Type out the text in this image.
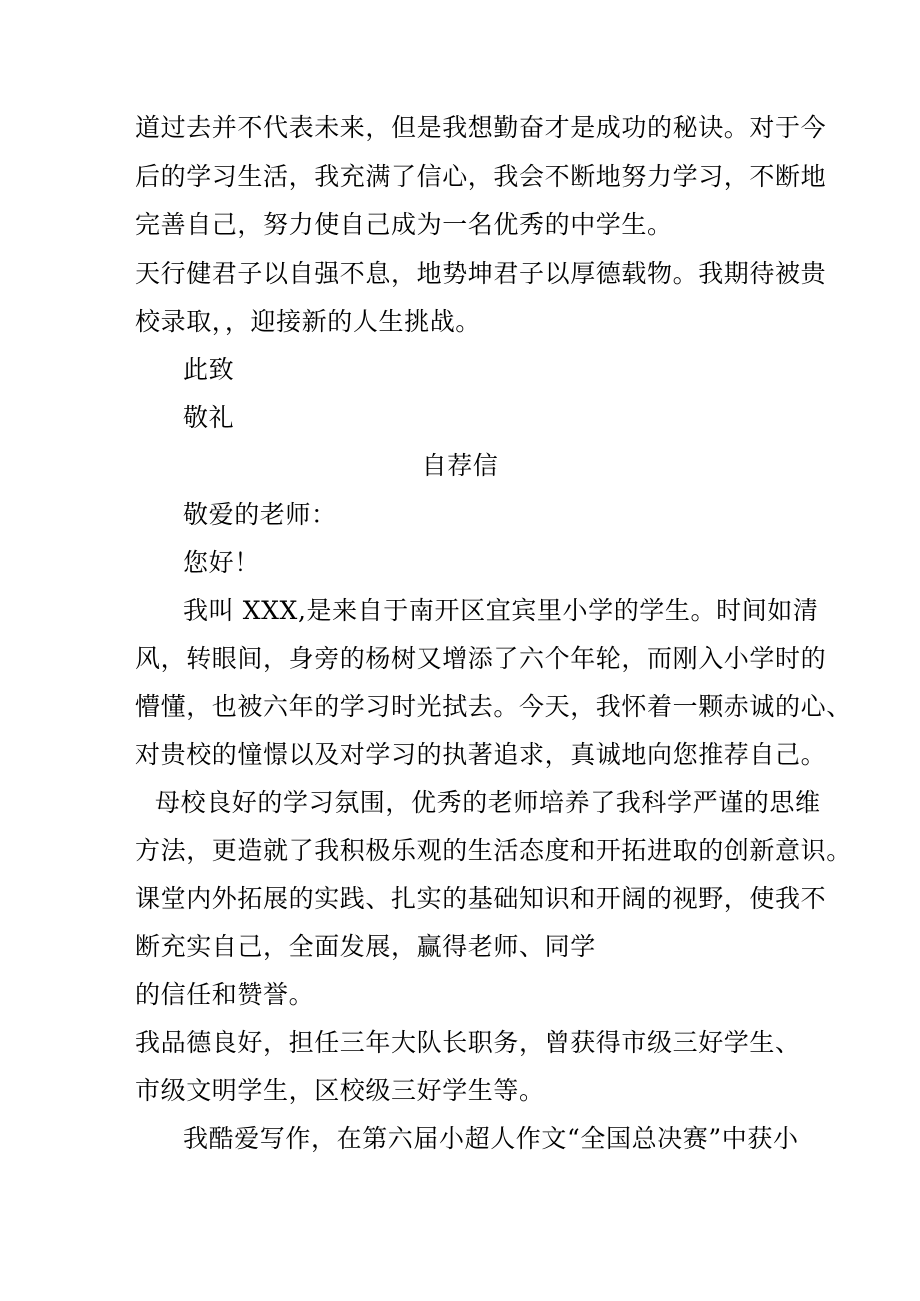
道过去并不代表未来，但是我想勤奋才是成功的秘诀。对于今
后的学习生活，我充满了信心，我会不断地努力学习，不断地
完善自己，努力使自己成为一名优秀的中学生。
天行健君子以自强不息，地势坤君子以厚德载物。我期待被贵
校录取，，迎接新的人生挑战。
此致
敬礼
自荐信
敬爱的老师：
您好！
我叫 XXX,是来自于南开区宜宾里小学的学生。时间如清
风，转眼间，身旁的杨树又增添了六个年轮，而刚入小学时的
懵懂，也被六年的学习时光拭去。今天，我怀着一颗赤诚的心、
对贵校的憧憬以及对学习的执著追求，真诚地向您推荐自己。
母校良好的学习氛围，优秀的老师培养了我科学严谨的思维
方法，更造就了我积极乐观的生活态度和开拓进取的创新意识。
课堂内外拓展的实践、扎实的基础知识和开阔的视野，使我不
断充实自己，全面发展，赢得老师、同学
的信任和赞誉。
我品德良好，担任三年大队长职务，曾获得市级三好学生、
市级文明学生，区校级三好学生等。
我酷爱写作，在第六届小超人作文“全国总决赛”中获小
